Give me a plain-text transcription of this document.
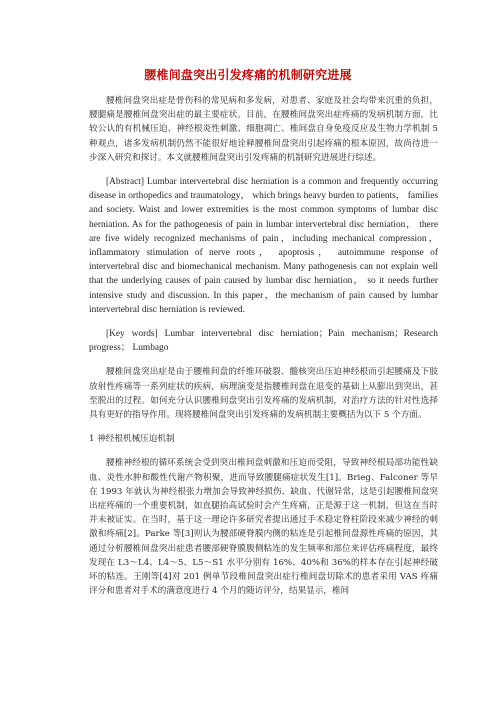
腰椎间盘突出引发疼痛的机制研究进展

腰椎间盘突出症是骨伤科的常见病和多发病，对患者、家庭及社会均带来沉重的负担，腰腿痛是腰椎间盘突出症的最主要症状。目前，在腰椎间盘突出症疼痛的发病机制方面，比较公认的有机械压迫、神经根炎性刺激、细胞凋亡、椎间盘自身免疫反应及生物力学机制 5 种观点，诸多发病机制仍然不能很好地诠释腰椎间盘突出引起疼痛的根本原因，故尚待进一步深入研究和探讨。本文就腰椎间盘突出引发疼痛的机制研究进展进行综述。

[Abstract] Lumbar intervertebral disc herniation is a common and frequently occurring disease in orthopedics and traumatology， which brings heavy burden to patients， families and society. Waist and lower extremities is the most common symptoms of lumbar disc herniation. As for the pathogenesis of pain in lumbar intervertebral disc herniation， there are five widely recognized mechanisms of pain，including mechanical compression， inflammatory stimulation of nerve roots， apoptosis， autoimmune response of intervertebral disc and biomechanical mechanism. Many pathogenesis can not explain well that the underlying causes of pain caused by lumbar disc herniation， so it needs further intensive study and discussion. In this paper，the mechanism of pain caused by lumbar intervertebral disc herniation is reviewed.

[Key words] Lumbar intervertebral disc herniation；Pain mechanism；Research progress； Lumbago

腰椎间盘突出症是由于腰椎间盘的纤维环破裂、髓核突出压迫神经根而引起腰痛及下肢放射性疼痛等一系列症状的疾病，病理演变是指腰椎间盘在退变的基础上从膨出到突出，甚至脱出的过程。如何充分认识腰椎间盘突出引发疼痛的发病机制，对治疗方法的针对性选择具有更好的指导作用。现将腰椎间盘突出引发疼痛的发病机制主要概括为以下 5 个方面。

1 神经根机械压迫机制

腰椎神经根的循环系统会受到突出椎间盘刺激和压迫而受阻，导致神经根局部功能性缺血、炎性水肿和酸性代谢产物积聚，进而导致腰腿痛症状发生[1]。Brieg、Falconer 等早在 1993 年就认为神经根张力增加会导致神经损伤、缺血、代谢异常，这是引起腰椎间盘突出症疼痛的一个重要机制，如直腿抬高试验时会产生疼痛，正是源于这一机制，但这在当时并未被证实。在当时，基于这一理论许多研究者提出通过手术稳定脊柱阶段来减少神经的刺激和疼痛[2]。Parke 等[3]则认为腰部硬脊膜内侧的粘连是引起椎间盘源性疼痛的原因，其通过分析腰椎间盘突出症患者腰部硬脊膜腹侧粘连的发生频率和部位来评估疼痛程度，最终发现在 L3～L4、L4～5、L5～S1 水平分别有 16%、40%和 36%的样本存在引起神经破坏的粘连。王刚等[4]对 201 例单节段椎间盘突出症行椎间盘切除术的患者采用 VAS 疼痛评分和患者对手术的满意度进行 4 个月的随访评分，结果显示，椎间
